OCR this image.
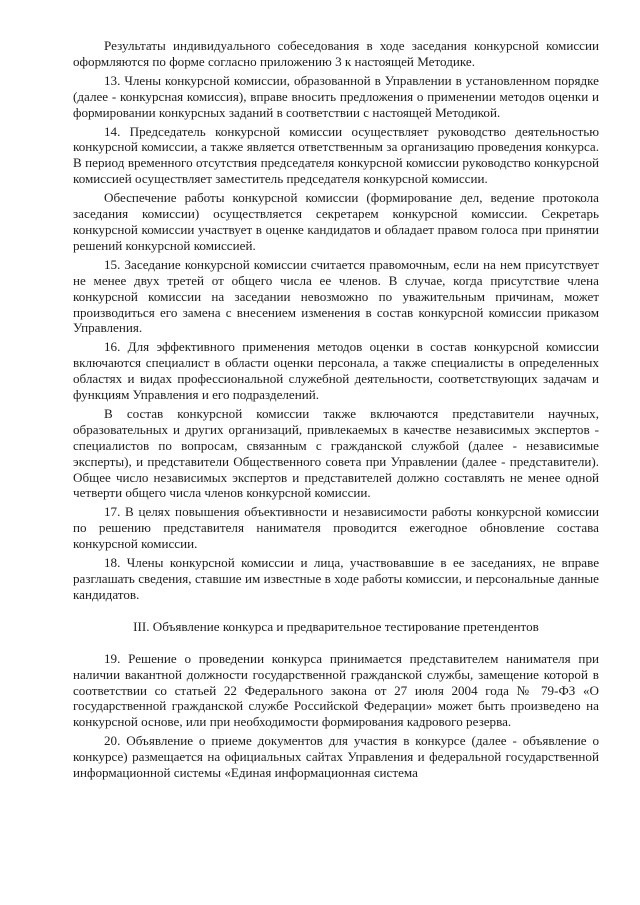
Результаты индивидуального собеседования в ходе заседания конкурсной комиссии оформляются по форме согласно приложению 3 к настоящей Методике.

13. Члены конкурсной комиссии, образованной в Управлении в установленном порядке (далее - конкурсная комиссия), вправе вносить предложения о применении методов оценки и формировании конкурсных заданий в соответствии с настоящей Методикой.

14. Председатель конкурсной комиссии осуществляет руководство деятельностью конкурсной комиссии, а также является ответственным за организацию проведения конкурса. В период временного отсутствия председателя конкурсной комиссии руководство конкурсной комиссией осуществляет заместитель председателя конкурсной комиссии.

Обеспечение работы конкурсной комиссии (формирование дел, ведение протокола заседания комиссии) осуществляется секретарем конкурсной комиссии. Секретарь конкурсной комиссии участвует в оценке кандидатов и обладает правом голоса при принятии решений конкурсной комиссией.

15. Заседание конкурсной комиссии считается правомочным, если на нем присутствует не менее двух третей от общего числа ее членов. В случае, когда присутствие члена конкурсной комиссии на заседании невозможно по уважительным причинам, может производиться его замена с внесением изменения в состав конкурсной комиссии приказом Управления.

16. Для эффективного применения методов оценки в состав конкурсной комиссии включаются специалист в области оценки персонала, а также специалисты в определенных областях и видах профессиональной служебной деятельности, соответствующих задачам и функциям Управления и его подразделений.

В состав конкурсной комиссии также включаются представители научных, образовательных и других организаций, привлекаемых в качестве независимых экспертов - специалистов по вопросам, связанным с гражданской службой (далее - независимые эксперты), и представители Общественного совета при Управлении (далее - представители). Общее число независимых экспертов и представителей должно составлять не менее одной четверти общего числа членов конкурсной комиссии.

17. В целях повышения объективности и независимости работы конкурсной комиссии по решению представителя нанимателя проводится ежегодное обновление состава конкурсной комиссии.

18. Члены конкурсной комиссии и лица, участвовавшие в ее заседаниях, не вправе разглашать сведения, ставшие им известные в ходе работы комиссии, и персональные данные кандидатов.

III. Объявление конкурса и предварительное тестирование претендентов

19. Решение о проведении конкурса принимается представителем нанимателя при наличии вакантной должности государственной гражданской службы, замещение которой в соответствии со статьей 22 Федерального закона от 27 июля 2004 года № 79-ФЗ «О государственной гражданской службе Российской Федерации» может быть произведено на конкурсной основе, или при необходимости формирования кадрового резерва.

20. Объявление о приеме документов для участия в конкурсе (далее - объявление о конкурсе) размещается на официальных сайтах Управления и федеральной государственной информационной системы «Единая информационная система
